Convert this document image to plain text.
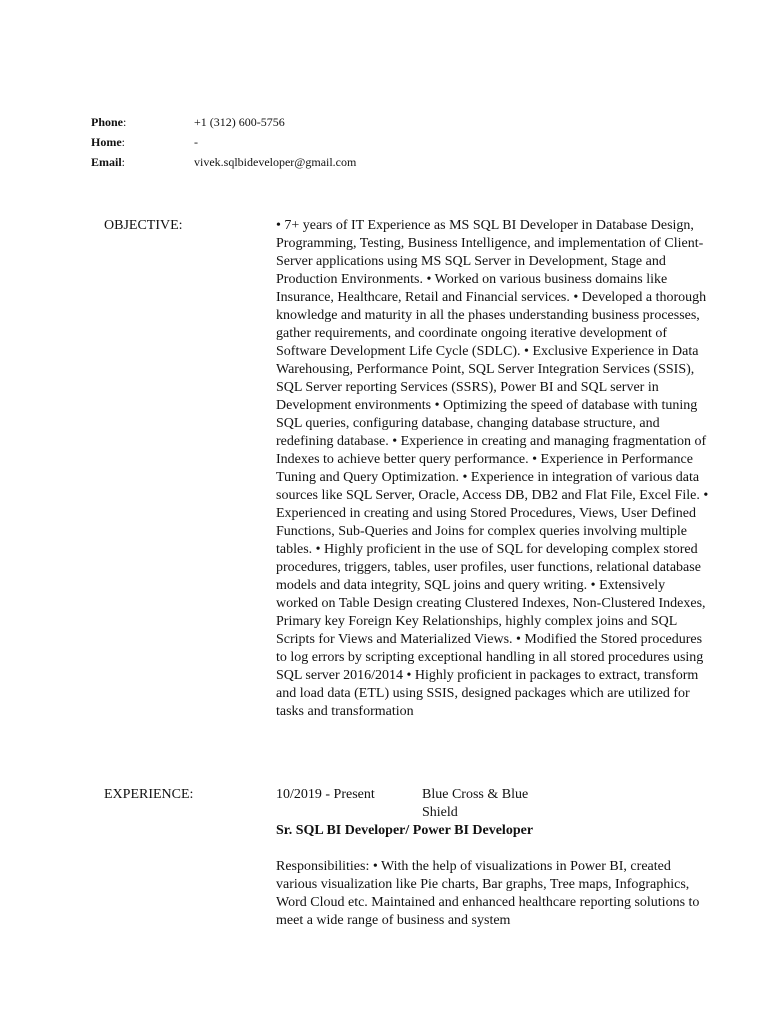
Phone:	+1 (312) 600-5756
Home:	-
Email:	vivek.sqlbideveloper@gmail.com
OBJECTIVE:	• 7+ years of IT Experience as MS SQL BI Developer in Database Design, Programming, Testing, Business Intelligence, and implementation of Client-Server applications using MS SQL Server in Development, Stage and Production Environments. • Worked on various business domains like Insurance, Healthcare, Retail and Financial services. • Developed a thorough knowledge and maturity in all the phases understanding business processes, gather requirements, and coordinate ongoing iterative development of Software Development Life Cycle (SDLC). • Exclusive Experience in Data Warehousing, Performance Point, SQL Server Integration Services (SSIS), SQL Server reporting Services (SSRS), Power BI and SQL server in Development environments • Optimizing the speed of database with tuning SQL queries, configuring database, changing database structure, and redefining database. • Experience in creating and managing fragmentation of Indexes to achieve better query performance. • Experience in Performance Tuning and Query Optimization. • Experience in integration of various data sources like SQL Server, Oracle, Access DB, DB2 and Flat File, Excel File. • Experienced in creating and using Stored Procedures, Views, User Defined Functions, Sub-Queries and Joins for complex queries involving multiple tables. • Highly proficient in the use of SQL for developing complex stored procedures, triggers, tables, user profiles, user functions, relational database models and data integrity, SQL joins and query writing. • Extensively worked on Table Design creating Clustered Indexes, Non-Clustered Indexes, Primary key Foreign Key Relationships, highly complex joins and SQL Scripts for Views and Materialized Views. • Modified the Stored procedures to log errors by scripting exceptional handling in all stored procedures using SQL server 2016/2014 • Highly proficient in packages to extract, transform and load data (ETL) using SSIS, designed packages which are utilized for tasks and transformation
EXPERIENCE:	10/2019 - Present	Blue Cross & Blue Shield
Sr. SQL BI Developer/ Power BI Developer
Responsibilities: • With the help of visualizations in Power BI, created various visualization like Pie charts, Bar graphs, Tree maps, Infographics, Word Cloud etc. Maintained and enhanced healthcare reporting solutions to meet a wide range of business and system
